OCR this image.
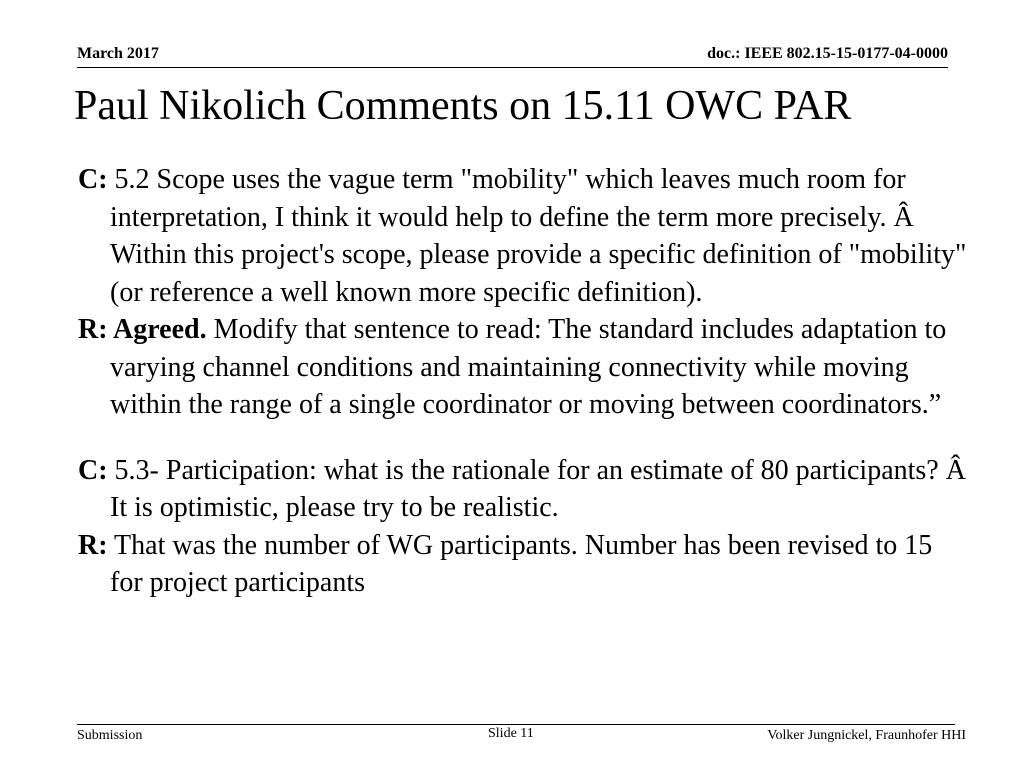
March 2017	doc.: IEEE 802.15-15-0177-04-0000
Paul Nikolich Comments on 15.11 OWC PAR

C: 5.2 Scope uses the vague term "mobility" which leaves much room for interpretation, I think it would help to define the term more precisely. Â Within this project's scope, please provide a specific definition of "mobility" (or reference a well known more specific definition).

R: Agreed. Modify that sentence to read: The standard includes adaptation to varying channel conditions and maintaining connectivity while moving within the range of a single coordinator or moving between coordinators.”

C: 5.3- Participation: what is the rationale for an estimate of 80 participants? Â It is optimistic, please try to be realistic.

R: That was the number of WG participants. Number has been revised to 15 for project participants

Submission	Slide 11	Volker Jungnickel, Fraunhofer HHI
